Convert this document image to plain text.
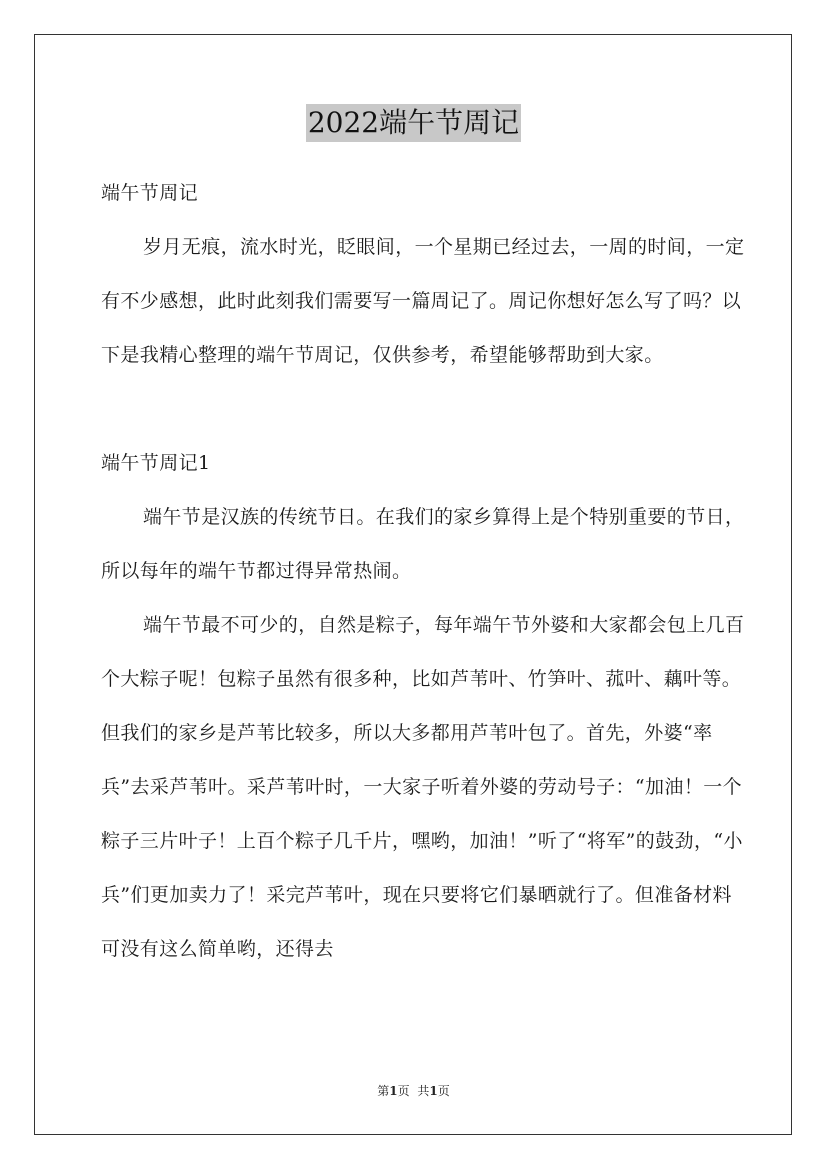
2022端午节周记

端午节周记

岁月无痕，流水时光，眨眼间，一个星期已经过去，一周的时间，一定有不少感想，此时此刻我们需要写一篇周记了。周记你想好怎么写了吗？以下是我精心整理的端午节周记，仅供参考，希望能够帮助到大家。

端午节周记1

端午节是汉族的传统节日。在我们的家乡算得上是个特别重要的节日，所以每年的端午节都过得异常热闹。

端午节最不可少的，自然是粽子，每年端午节外婆和大家都会包上几百个大粽子呢！包粽子虽然有很多种，比如芦苇叶、竹笋叶、菰叶、藕叶等。但我们的家乡是芦苇比较多，所以大多都用芦苇叶包了。首先，外婆“率兵”去采芦苇叶。采芦苇叶时，一大家子听着外婆的劳动号子：“加油！一个粽子三片叶子！上百个粽子几千片，嘿哟，加油！”听了“将军”的鼓劲，“小兵”们更加卖力了！采完芦苇叶，现在只要将它们暴晒就行了。但准备材料可没有这么简单哟，还得去

第1页 共1页
